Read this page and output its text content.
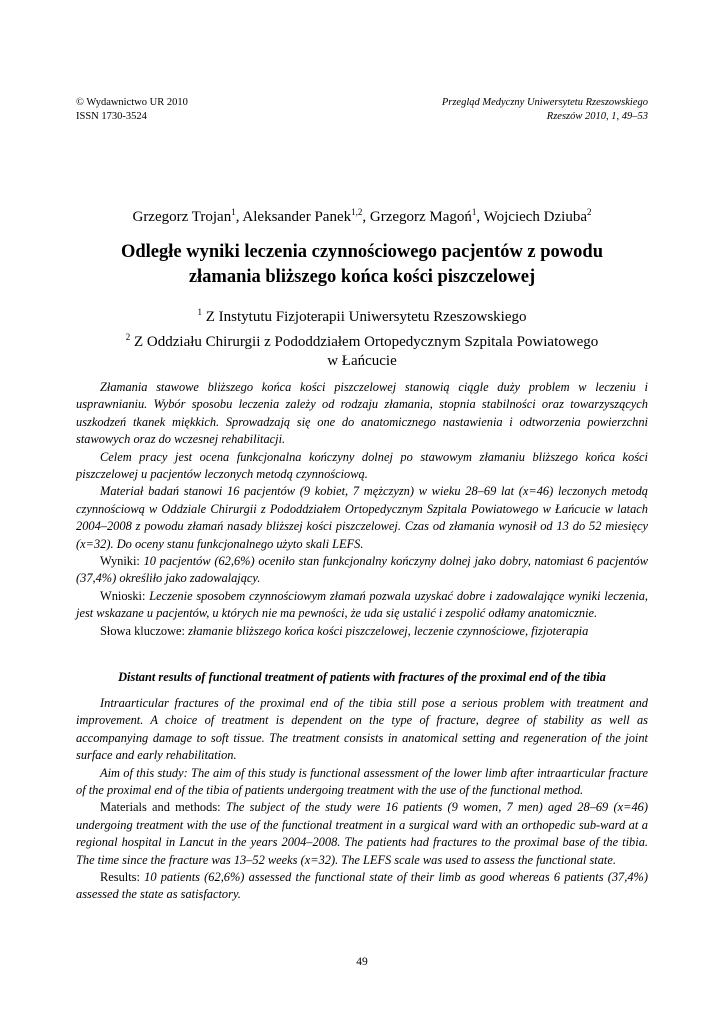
© Wydawnictwo UR 2010
ISSN 1730-3524
Przegląd Medyczny Uniwersytetu Rzeszowskiego
Rzeszów 2010, 1, 49–53
Grzegorz Trojan$^1$, Aleksander Panek$^{1,2}$, Grzegorz Magoń$^1$, Wojciech Dziuba$^2$
Odległe wyniki leczenia czynnościowego pacjentów z powodu
złamania bliższego końca kości piszczelowej
$^1$ Z Instytutu Fizjoterapii Uniwersytetu Rzeszowskiego
$^2$ Z Oddziału Chirurgii z Pododdziałem Ortopedycznym Szpitala Powiatowego
w Łańcucie

Złamania stawowe bliższego końca kości piszczelowej stanowią ciągle duży problem w leczeniu i usprawnianiu. Wybór sposobu leczenia zależy od rodzaju złamania, stopnia stabilności oraz towarzyszących uszkodzeń tkanek miękkich. Sprowadzają się one do anatomicznego nastawienia i odtworzenia powierzchni stawowych oraz do wczesnej rehabilitacji.

Celem pracy jest ocena funkcjonalna kończyny dolnej po stawowym złamaniu bliższego końca kości piszczelowej u pacjentów leczonych metodą czynnościową.

Materiał badań stanowi 16 pacjentów (9 kobiet, 7 mężczyzn) w wieku 28–69 lat (x=46) leczonych metodą czynnościową w Oddziale Chirurgii z Pododdziałem Ortopedycznym Szpitala Powiatowego w Łańcucie w latach 2004–2008 z powodu złamań nasady bliższej kości piszczelowej. Czas od złamania wynosił od 13 do 52 miesięcy (x=32). Do oceny stanu funkcjonalnego użyto skali LEFS.

Wyniki: 10 pacjentów (62,6%) oceniło stan funkcjonalny kończyny dolnej jako dobry, natomiast 6 pacjentów (37,4%) określiło jako zadowalający.

Wnioski: Leczenie sposobem czynnościowym złamań pozwala uzyskać dobre i zadowalające wyniki leczenia, jest wskazane u pacjentów, u których nie ma pewności, że uda się ustalić i zespolić odłamy anatomicznie.

Słowa kluczowe: złamanie bliższego końca kości piszczelowej, leczenie czynnościowe, fizjoterapia

Distant results of functional treatment of patients with fractures of the proximal end of the tibia

Intraarticular fractures of the proximal end of the tibia still pose a serious problem with treatment and improvement. A choice of treatment is dependent on the type of fracture, degree of stability as well as accompanying damage to soft tissue. The treatment consists in anatomical setting and regeneration of the joint surface and early rehabilitation.

Aim of this study: The aim of this study is functional assessment of the lower limb after intraarticular fracture of the proximal end of the tibia of patients undergoing treatment with the use of the functional method.

Materials and methods: The subject of the study were 16 patients (9 women, 7 men) aged 28–69 (x=46) undergoing treatment with the use of the functional treatment in a surgical ward with an orthopedic sub-ward at a regional hospital in Lancut in the years 2004–2008. The patients had fractures to the proximal base of the tibia. The time since the fracture was 13–52 weeks (x=32). The LEFS scale was used to assess the functional state.

Results: 10 patients (62,6%) assessed the functional state of their limb as good whereas 6 patients (37,4%) assessed the state as satisfactory.

49
